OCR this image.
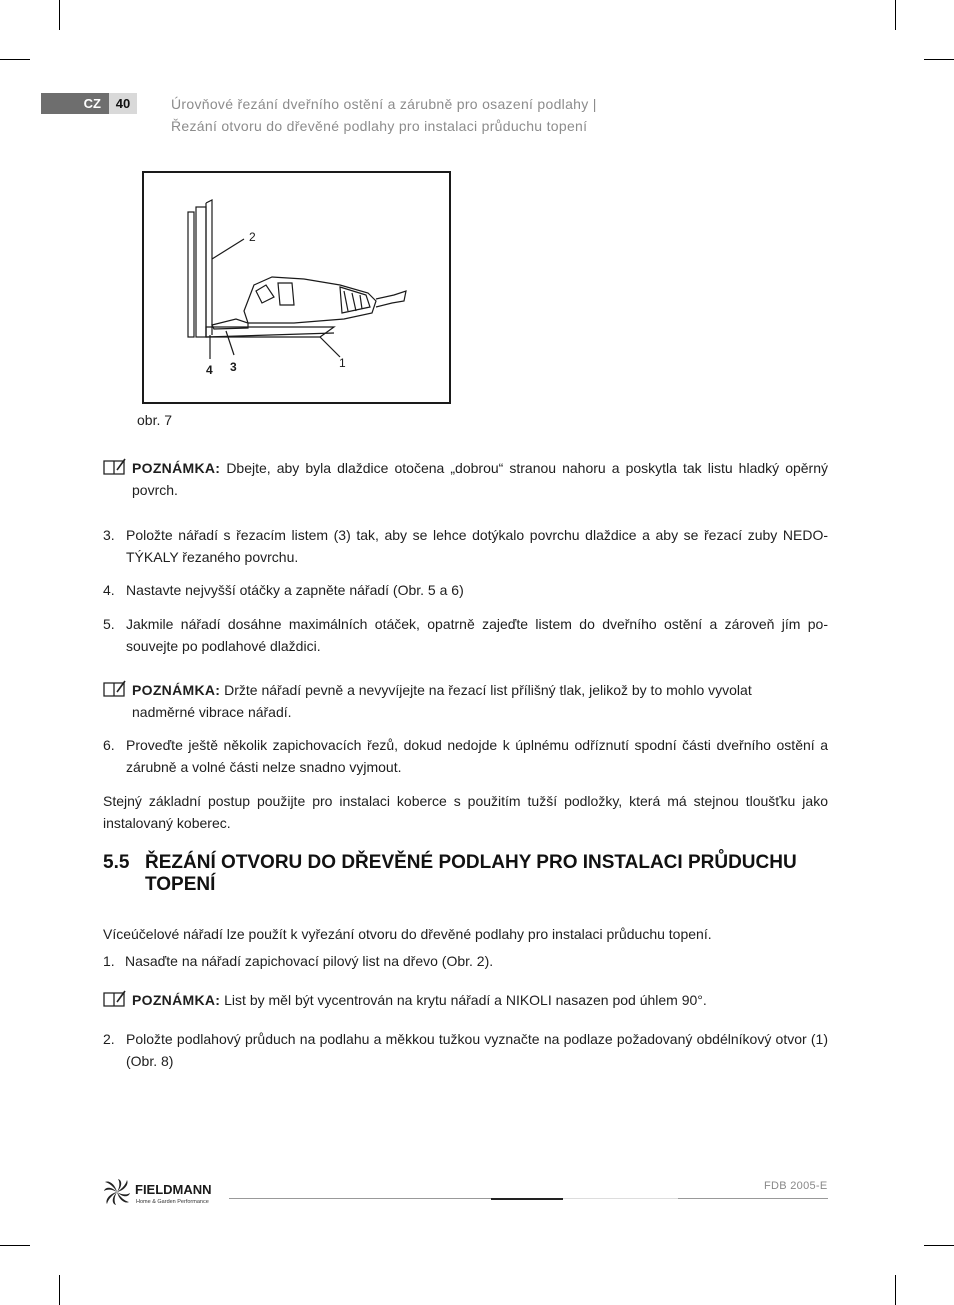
CZ	40	Úrovňové řezání dveřního ostění a zárubně pro osazení podlahy |
Řezání otvoru do dřevěné podlahy pro instalaci průduchu topení
2
1
4 3
obr. 7
POZNÁMKA: Dbejte, aby byla dlaždice otočena „dobrou“ stranou nahoru a poskytla tak listu hladký opěrný povrch.
3. Položte nářadí s řezacím listem (3) tak, aby se lehce dotýkalo povrchu dlaždice a aby se řezací zuby NEDO-TÝKALY řezaného povrchu.
4. Nastavte nejvyšší otáčky a zapněte nářadí (Obr. 5 a 6)
5. Jakmile nářadí dosáhne maximálních otáček, opatrně zajeďte listem do dveřního ostění a zároveň jím po-souvejte po podlahové dlaždici.
POZNÁMKA: Držte nářadí pevně a nevyvíjejte na řezací list přílišný tlak, jelikož by to mohlo vyvolat nadměrné vibrace nářadí.
6. Proveďte ještě několik zapichovacích řezů, dokud nedojde k úplnému odříznutí spodní části dveřního ostění a zárubně a volné části nelze snadno vyjmout.
Stejný základní postup použijte pro instalaci koberce s použitím tužší podložky, která má stejnou tloušťku jako instalovaný koberec.
5.5 ŘEZÁNÍ OTVORU DO DŘEVĚNÉ PODLAHY PRO INSTALACI PRŮDUCHU TOPENÍ
Víceúčelové nářadí lze použít k vyřezání otvoru do dřevěné podlahy pro instalaci průduchu topení.
1. Nasaďte na nářadí zapichovací pilový list na dřevo (Obr. 2).
POZNÁMKA: List by měl být vycentrován na krytu nářadí a NIKOLI nasazen pod úhlem 90°.
2. Položte podlahový průduch na podlahu a měkkou tužkou vyznačte na podlaze požadovaný obdélníkový otvor (1) (Obr. 8)
FIELDMANN
Home & Garden Performance
FDB 2005-E
